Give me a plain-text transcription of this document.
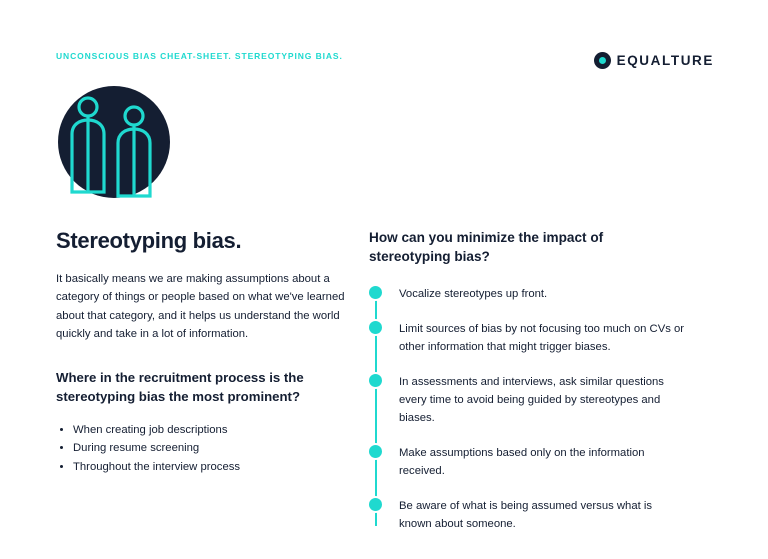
UNCONSCIOUS BIAS CHEAT-SHEET. STEREOTYPING BIAS.	EQUALTURE
Stereotyping bias.

It basically means we are making assumptions about a category of things or people based on what we've learned about that category, and it helps us understand the world quickly and take in a lot of information.

Where in the recruitment process is the stereotyping bias the most prominent?
• When creating job descriptions
• During resume screening
• Throughout the interview process
How can you minimize the impact of stereotyping bias?
Vocalize stereotypes up front.
Limit sources of bias by not focusing too much on CVs or other information that might trigger biases.
In assessments and interviews, ask similar questions every time to avoid being guided by stereotypes and biases.
Make assumptions based only on the information received.
Be aware of what is being assumed versus what is known about someone.
